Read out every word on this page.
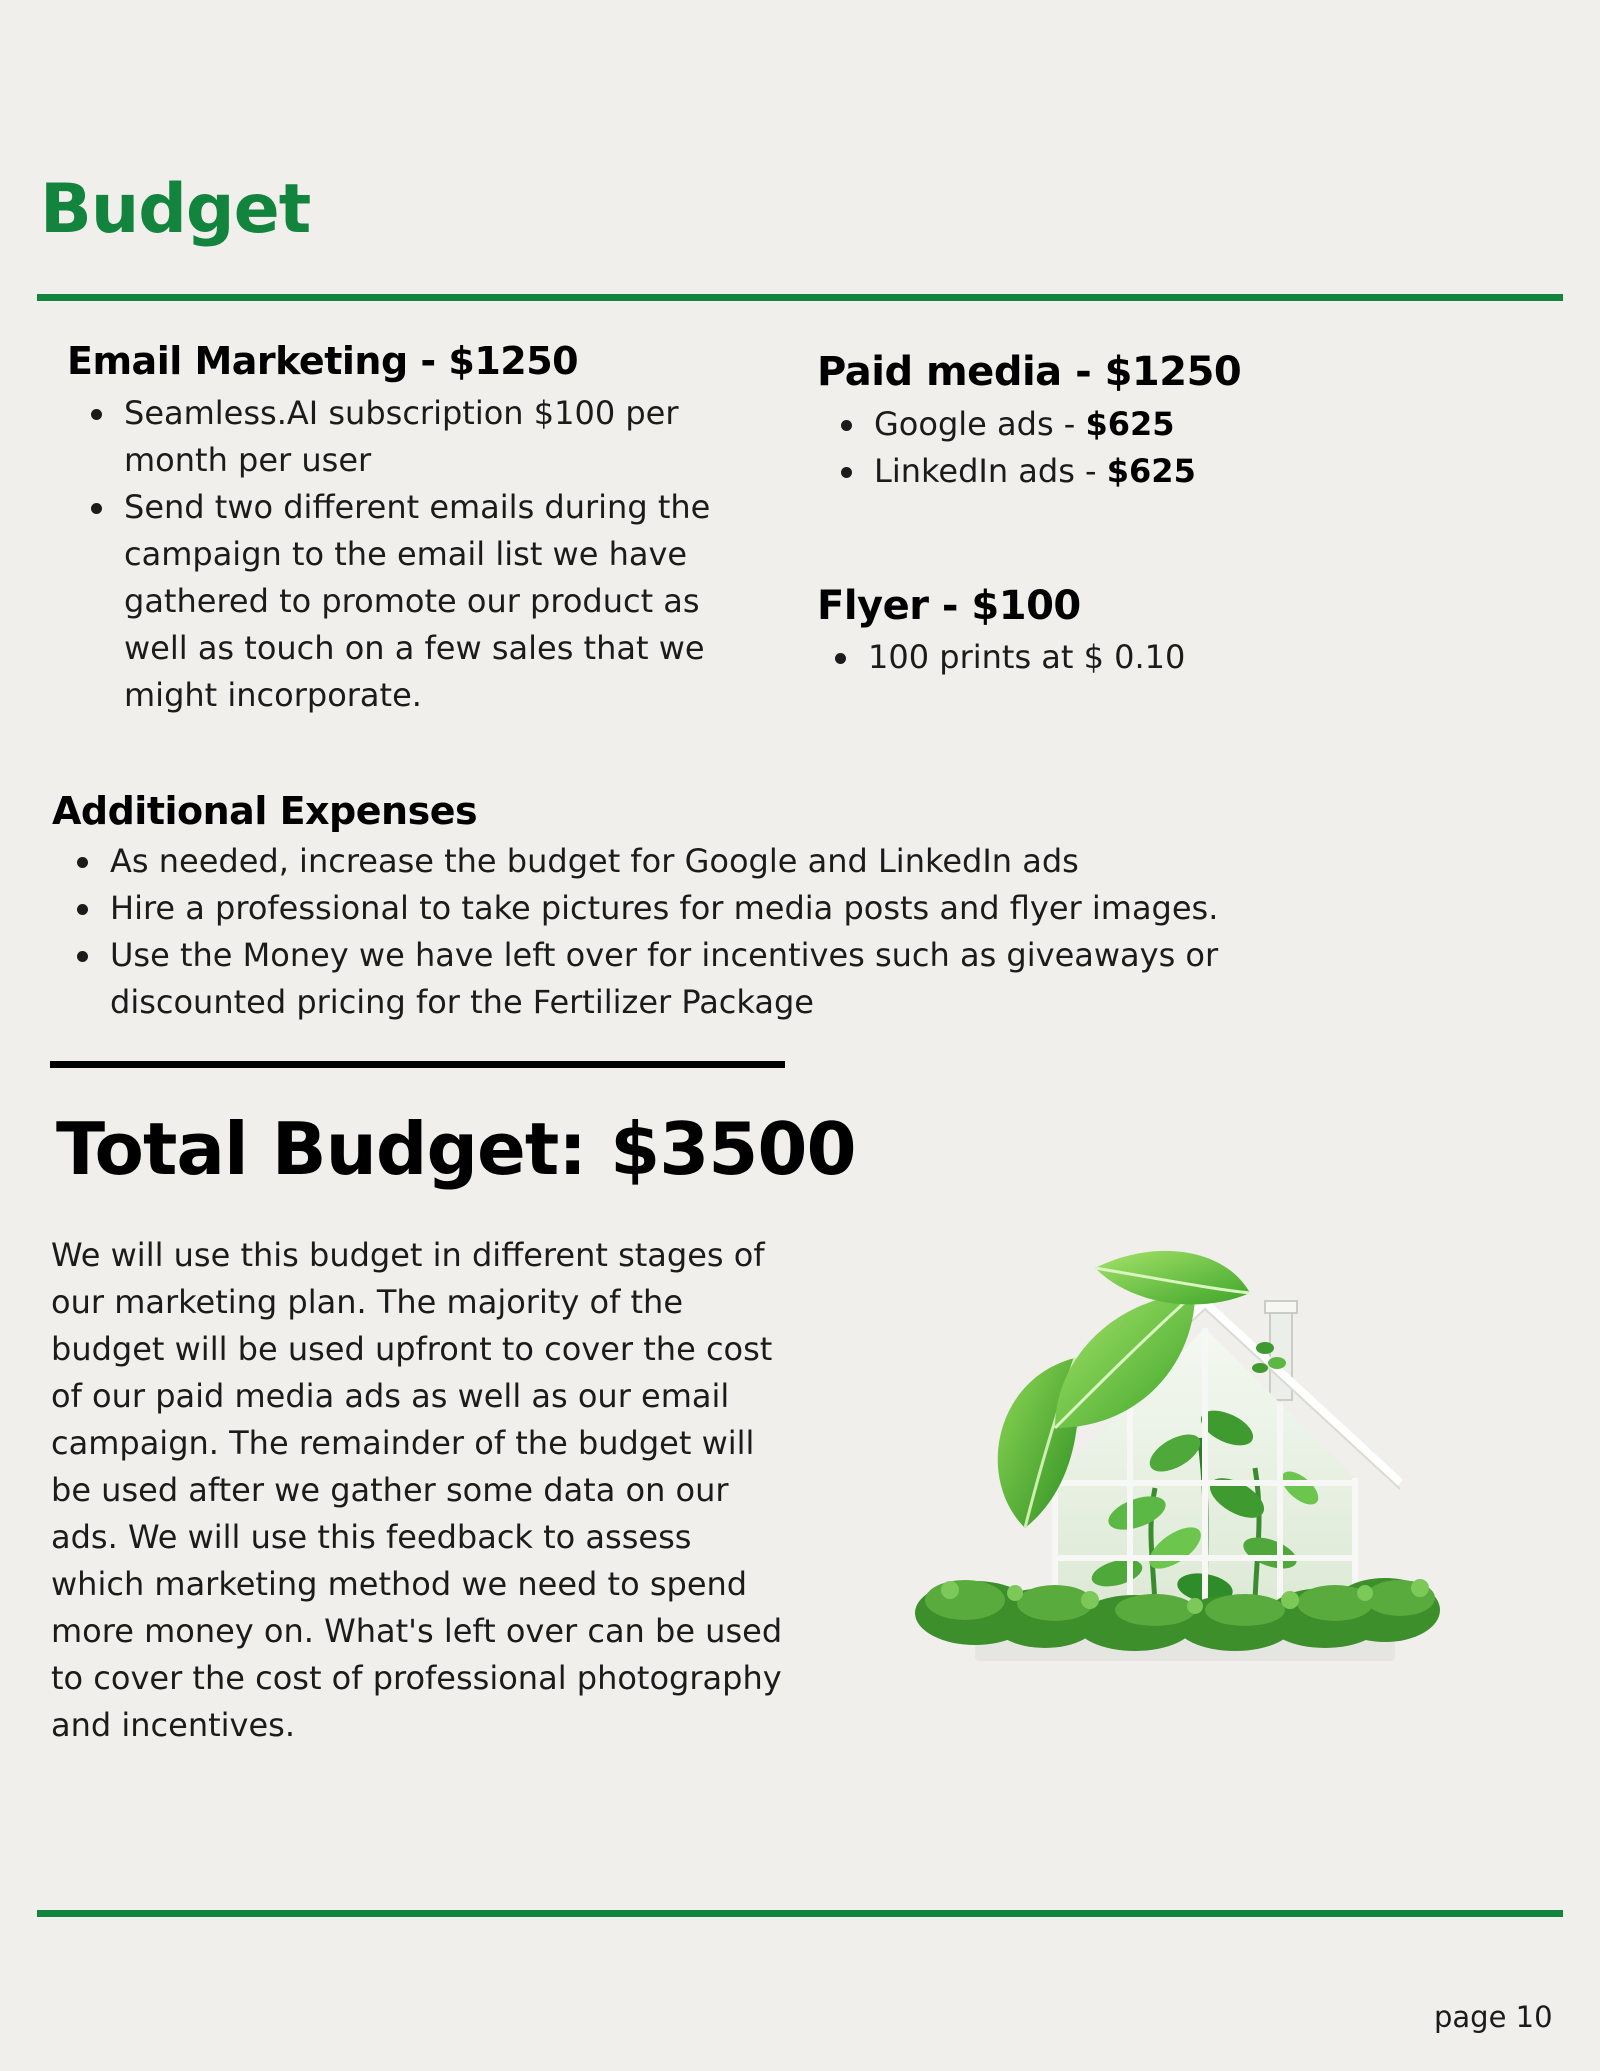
Budget
Email Marketing - $1250
Seamless.AI subscription $100 per month per user
Send two different emails during the campaign to the email list we have gathered to promote our product as well as touch on a few sales that we might incorporate.
Paid media - $1250
Google ads - $625
LinkedIn ads - $625
Flyer - $100
100 prints at $ 0.10
Additional Expenses
As needed, increase the budget for Google and LinkedIn ads
Hire a professional to take pictures for media posts and flyer images.
Use the Money we have left over for incentives such as giveaways or discounted pricing for the Fertilizer Package
Total Budget: $3500

We will use this budget in different stages of our marketing plan. The majority of the budget will be used upfront to cover the cost of our paid media ads as well as our email campaign. The remainder of the budget will be used after we gather some data on our ads. We will use this feedback to assess which marketing method we need to spend more money on. What's left over can be used to cover the cost of professional photography and incentives.

page 10
